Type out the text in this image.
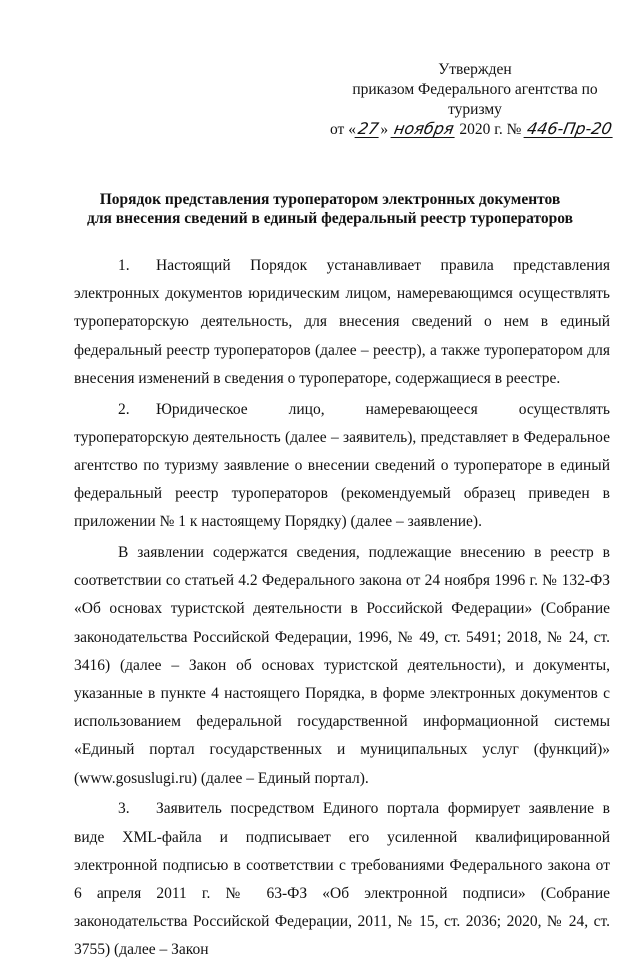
Утвержден
приказом Федерального агентства по
туризму
от «27» ноября 2020 г. № 446-Пр-20
Порядок представления туроператором электронных документов
для внесения сведений в единый федеральный реестр туроператоров

1. Настоящий Порядок устанавливает правила представления электронных документов юридическим лицом, намеревающимся осуществлять туроператорскую деятельность, для внесения сведений о нем в единый федеральный реестр туроператоров (далее – реестр), а также туроператором для внесения изменений в сведения о туроператоре, содержащиеся в реестре.

2. Юридическое лицо, намеревающееся осуществлять туроператорскую деятельность (далее – заявитель), представляет в Федеральное агентство по туризму заявление о внесении сведений о туроператоре в единый федеральный реестр туроператоров (рекомендуемый образец приведен в приложении № 1 к настоящему Порядку) (далее – заявление).

В заявлении содержатся сведения, подлежащие внесению в реестр в соответствии со статьей 4.2 Федерального закона от 24 ноября 1996 г. № 132-ФЗ «Об основах туристской деятельности в Российской Федерации» (Собрание законодательства Российской Федерации, 1996, № 49, ст. 5491; 2018, № 24, ст. 3416) (далее – Закон об основах туристской деятельности), и документы, указанные в пункте 4 настоящего Порядка, в форме электронных документов с использованием федеральной государственной информационной системы «Единый портал государственных и муниципальных услуг (функций)» (www.gosuslugi.ru) (далее – Единый портал).

3. Заявитель посредством Единого портала формирует заявление в виде XML-файла и подписывает его усиленной квалифицированной электронной подписью в соответствии с требованиями Федерального закона от 6 апреля 2011 г. № 63-ФЗ «Об электронной подписи» (Собрание законодательства Российской Федерации, 2011, № 15, ст. 2036; 2020, № 24, ст. 3755) (далее – Закон
